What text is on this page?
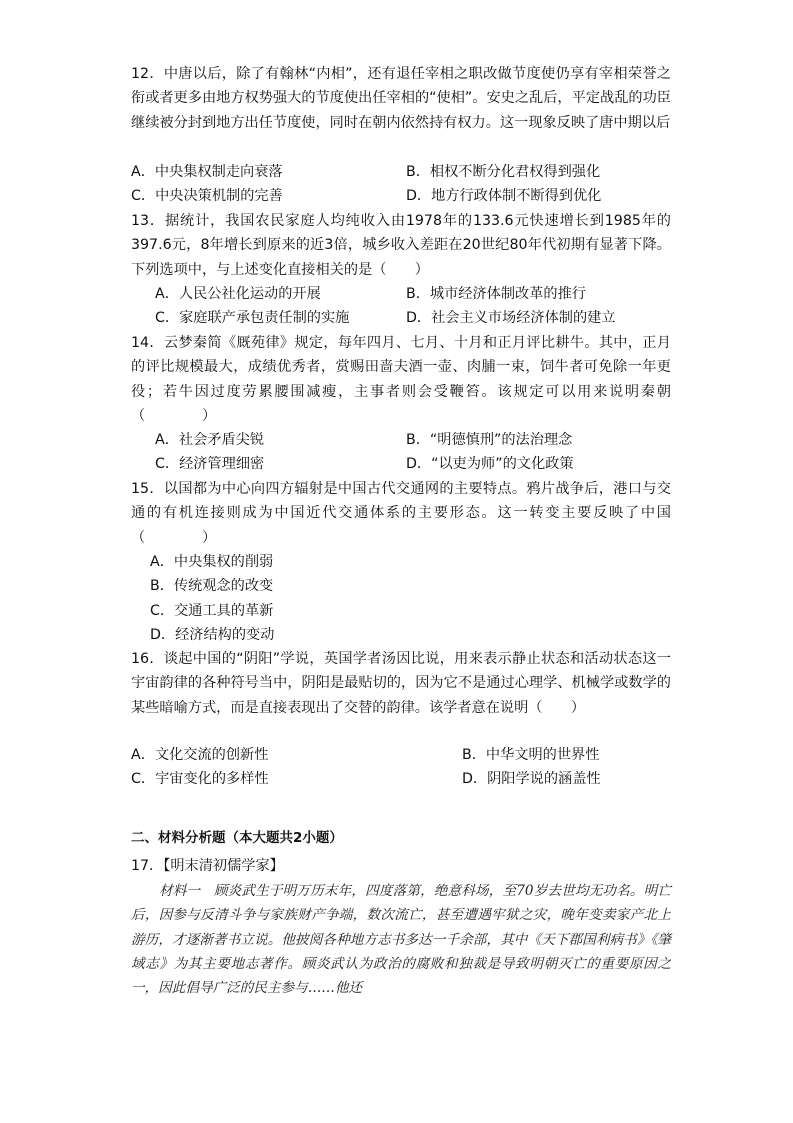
12．中唐以后，除了有翰林“内相”，还有退任宰相之职改做节度使仍享有宰相荣誉之衔或者更多由地方权势强大的节度使出任宰相的“使相”。安史之乱后，平定战乱的功臣继续被分封到地方出任节度使，同时在朝内依然持有权力。这一现象反映了唐中期以后

A．中央集权制走向衰落	B．相权不断分化君权得到强化
C．中央决策机制的完善	D．地方行政体制不断得到优化

13．据统计，我国农民家庭人均纯收入由1978年的133.6元快速增长到1985年的397.6元，8年增长到原来的近3倍，城乡收入差距在20世纪80年代初期有显著下降。下列选项中，与上述变化直接相关的是（　　）

A．人民公社化运动的开展	B．城市经济体制改革的推行
C．家庭联产承包责任制的实施	D．社会主义市场经济体制的建立

14．云梦秦简《厩苑律》规定，每年四月、七月、十月和正月评比耕牛。其中，正月的评比规模最大，成绩优秀者，赏赐田啬夫酒一壶、肉脯一束，饲牛者可免除一年更役；若牛因过度劳累腰围减瘦，主事者则会受鞭笞。该规定可以用来说明秦朝（　　　　）

A．社会矛盾尖锐	B．“明德慎刑”的法治理念
C．经济管理细密	D．“以吏为师”的文化政策

15．以国都为中心向四方辐射是中国古代交通网的主要特点。鸦片战争后，港口与交通的有机连接则成为中国近代交通体系的主要形态。这一转变主要反映了中国（　　　　）

A．中央集权的削弱
B．传统观念的改变
C．交通工具的革新
D．经济结构的变动

16．谈起中国的“阴阳”学说，英国学者汤因比说，用来表示静止状态和活动状态这一宇宙韵律的各种符号当中，阴阳是最贴切的，因为它不是通过心理学、机械学或数学的某些暗喻方式，而是直接表现出了交替的韵律。该学者意在说明（　　）

A．文化交流的创新性	B．中华文明的世界性
C．宇宙变化的多样性	D．阴阳学说的涵盖性
二、材料分析题（本大题共2小题）
17．【明末清初儒学家】

材料一　顾炎武生于明万历末年，四度落第，绝意科场，至70岁去世均无功名。明亡后，因参与反清斗争与家族财产争端，数次流亡，甚至遭遇牢狱之灾，晚年变卖家产北上游历，才逐渐著书立说。他披阅各种地方志书多达一千余部，其中《天下郡国利病书》《肇域志》为其主要地志著作。顾炎武认为政治的腐败和独裁是导致明朝灭亡的重要原因之一，因此倡导广泛的民主参与……他还
